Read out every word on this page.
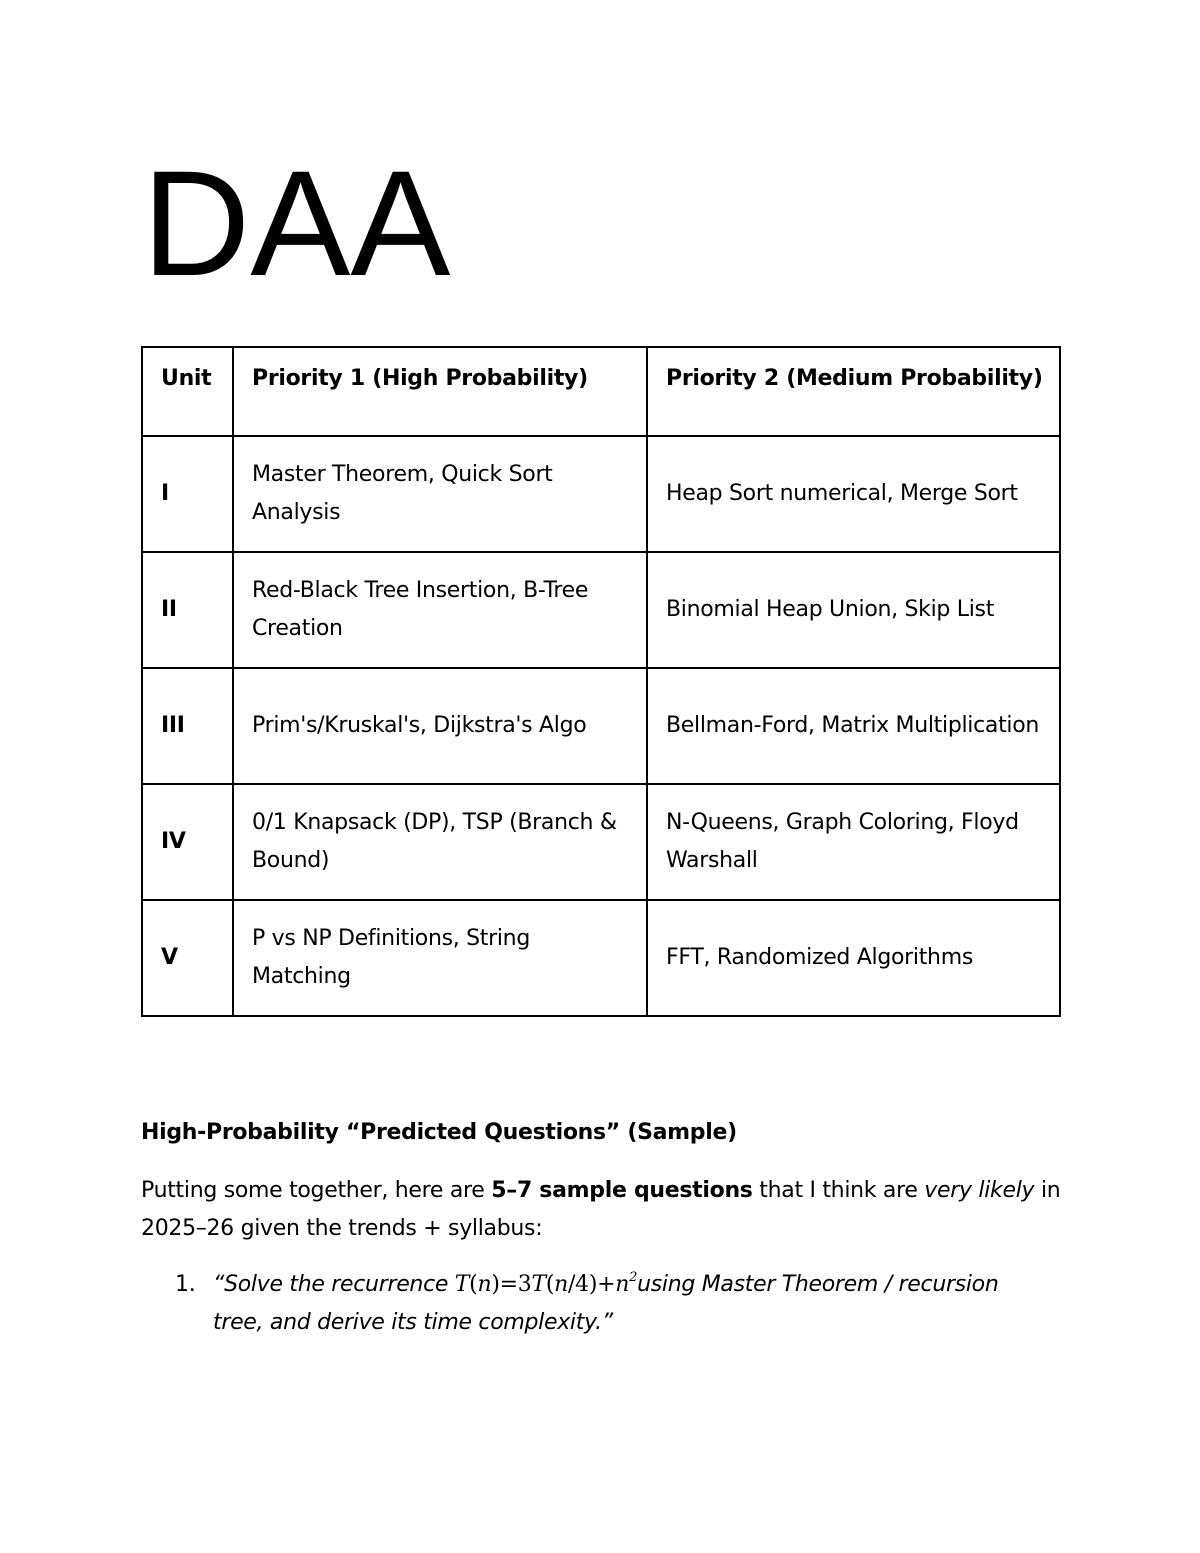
DAA
Unit	Priority 1 (High Probability)	Priority 2 (Medium Probability)
I	Master Theorem, Quick Sort Analysis	Heap Sort numerical, Merge Sort
II	Red-Black Tree Insertion, B-Tree Creation	Binomial Heap Union, Skip List
III	Prim's/Kruskal's, Dijkstra's Algo	Bellman-Ford, Matrix Multiplication
IV	0/1 Knapsack (DP), TSP (Branch & Bound)	N-Queens, Graph Coloring, Floyd Warshall
V	P vs NP Definitions, String Matching	FFT, Randomized Algorithms

High-Probability “Predicted Questions” (Sample)

Putting some together, here are 5–7 sample questions that I think are very likely in 2025–26 given the trends + syllabus:

1. “Solve the recurrence $T(n)=3T(n/4)+n^2using$ Master Theorem / recursion tree, and derive its time complexity.”
